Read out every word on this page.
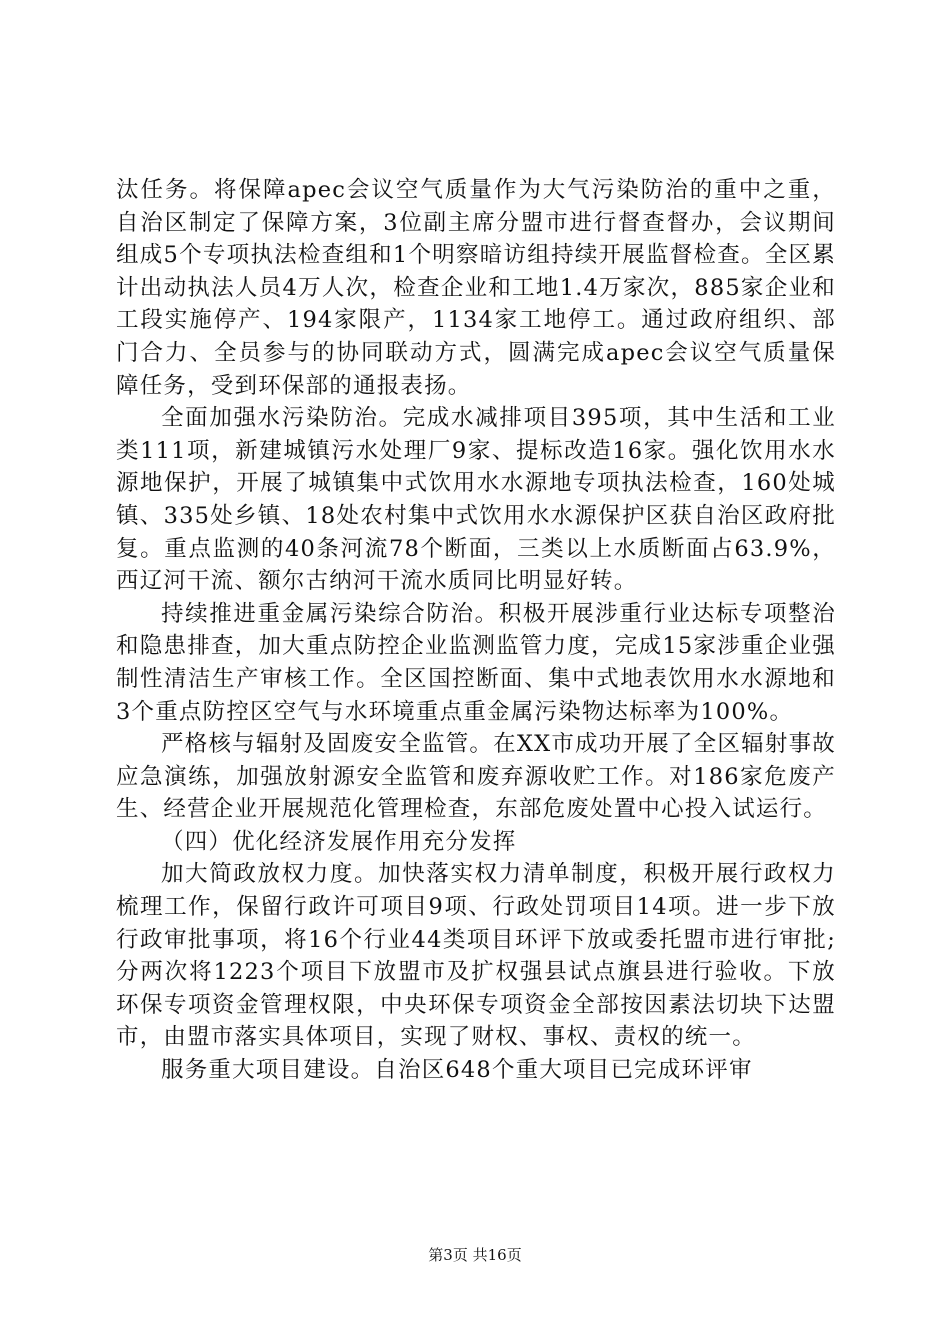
汰任务。将保障apec会议空气质量作为大气污染防治的重中之重，自治区制定了保障方案，3位副主席分盟市进行督查督办，会议期间组成5个专项执法检查组和1个明察暗访组持续开展监督检查。全区累计出动执法人员4万人次，检查企业和工地1.4万家次，885家企业和工段实施停产、194家限产，1134家工地停工。通过政府组织、部门合力、全员参与的协同联动方式，圆满完成apec会议空气质量保障任务，受到环保部的通报表扬。

全面加强水污染防治。完成水减排项目395项，其中生活和工业类111项，新建城镇污水处理厂9家、提标改造16家。强化饮用水水源地保护，开展了城镇集中式饮用水水源地专项执法检查，160处城镇、335处乡镇、18处农村集中式饮用水水源保护区获自治区政府批复。重点监测的40条河流78个断面，三类以上水质断面占63.9%，西辽河干流、额尔古纳河干流水质同比明显好转。

持续推进重金属污染综合防治。积极开展涉重行业达标专项整治和隐患排查，加大重点防控企业监测监管力度，完成15家涉重企业强制性清洁生产审核工作。全区国控断面、集中式地表饮用水水源地和3个重点防控区空气与水环境重点重金属污染物达标率为100%。

严格核与辐射及固废安全监管。在XX市成功开展了全区辐射事故应急演练，加强放射源安全监管和废弃源收贮工作。对186家危废产生、经营企业开展规范化管理检查，东部危废处置中心投入试运行。

（四）优化经济发展作用充分发挥

加大简政放权力度。加快落实权力清单制度，积极开展行政权力梳理工作，保留行政许可项目9项、行政处罚项目14项。进一步下放行政审批事项，将16个行业44类项目环评下放或委托盟市进行审批;分两次将1223个项目下放盟市及扩权强县试点旗县进行验收。下放环保专项资金管理权限，中央环保专项资金全部按因素法切块下达盟市，由盟市落实具体项目，实现了财权、事权、责权的统一。

服务重大项目建设。自治区648个重大项目已完成环评审

第3页 共16页
